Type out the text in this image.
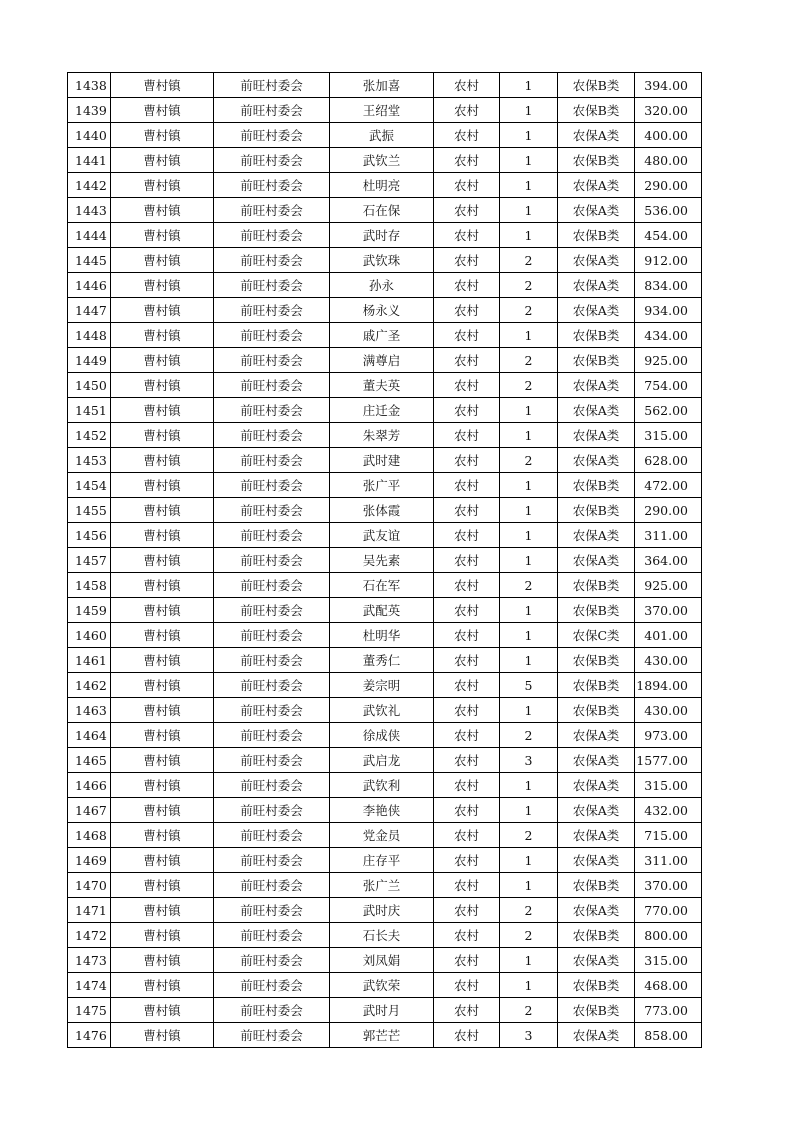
1438	曹村镇	前旺村委会	张加喜	农村	1	农保B类	394.00
1439	曹村镇	前旺村委会	王绍堂	农村	1	农保B类	320.00
1440	曹村镇	前旺村委会	武振	农村	1	农保A类	400.00
1441	曹村镇	前旺村委会	武钦兰	农村	1	农保B类	480.00
1442	曹村镇	前旺村委会	杜明亮	农村	1	农保A类	290.00
1443	曹村镇	前旺村委会	石在保	农村	1	农保A类	536.00
1444	曹村镇	前旺村委会	武时存	农村	1	农保B类	454.00
1445	曹村镇	前旺村委会	武钦珠	农村	2	农保A类	912.00
1446	曹村镇	前旺村委会	孙永	农村	2	农保A类	834.00
1447	曹村镇	前旺村委会	杨永义	农村	2	农保A类	934.00
1448	曹村镇	前旺村委会	戚广圣	农村	1	农保B类	434.00
1449	曹村镇	前旺村委会	满尊启	农村	2	农保B类	925.00
1450	曹村镇	前旺村委会	董夫英	农村	2	农保A类	754.00
1451	曹村镇	前旺村委会	庄迁金	农村	1	农保A类	562.00
1452	曹村镇	前旺村委会	朱翠芳	农村	1	农保A类	315.00
1453	曹村镇	前旺村委会	武时建	农村	2	农保A类	628.00
1454	曹村镇	前旺村委会	张广平	农村	1	农保B类	472.00
1455	曹村镇	前旺村委会	张体霞	农村	1	农保B类	290.00
1456	曹村镇	前旺村委会	武友谊	农村	1	农保A类	311.00
1457	曹村镇	前旺村委会	吴先素	农村	1	农保A类	364.00
1458	曹村镇	前旺村委会	石在军	农村	2	农保B类	925.00
1459	曹村镇	前旺村委会	武配英	农村	1	农保B类	370.00
1460	曹村镇	前旺村委会	杜明华	农村	1	农保C类	401.00
1461	曹村镇	前旺村委会	董秀仁	农村	1	农保B类	430.00
1462	曹村镇	前旺村委会	姜宗明	农村	5	农保B类	1894.00
1463	曹村镇	前旺村委会	武钦礼	农村	1	农保B类	430.00
1464	曹村镇	前旺村委会	徐成侠	农村	2	农保A类	973.00
1465	曹村镇	前旺村委会	武启龙	农村	3	农保A类	1577.00
1466	曹村镇	前旺村委会	武钦利	农村	1	农保A类	315.00
1467	曹村镇	前旺村委会	李艳侠	农村	1	农保A类	432.00
1468	曹村镇	前旺村委会	党金员	农村	2	农保A类	715.00
1469	曹村镇	前旺村委会	庄存平	农村	1	农保A类	311.00
1470	曹村镇	前旺村委会	张广兰	农村	1	农保B类	370.00
1471	曹村镇	前旺村委会	武时庆	农村	2	农保A类	770.00
1472	曹村镇	前旺村委会	石长夫	农村	2	农保B类	800.00
1473	曹村镇	前旺村委会	刘凤娟	农村	1	农保A类	315.00
1474	曹村镇	前旺村委会	武钦荣	农村	1	农保B类	468.00
1475	曹村镇	前旺村委会	武时月	农村	2	农保B类	773.00
1476	曹村镇	前旺村委会	郭芒芒	农村	3	农保A类	858.00
